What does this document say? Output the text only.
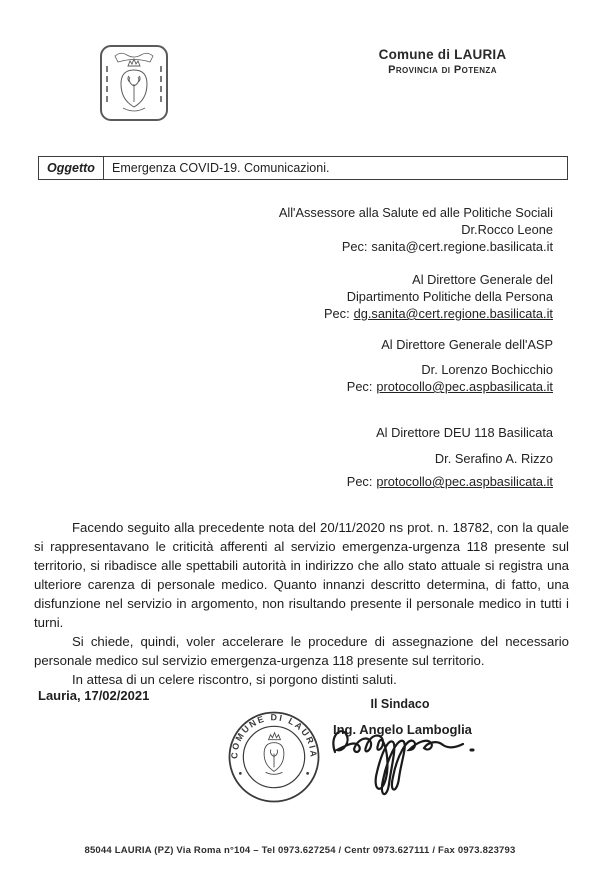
Comune di LAURIA
Provincia di Potenza
Oggetto	Emergenza COVID-19. Comunicazioni.
All'Assessore alla Salute ed alle Politiche Sociali
Dr.Rocco Leone
Pec: sanita@cert.regione.basilicata.it
Al Direttore Generale del
Dipartimento Politiche della Persona
Pec: dg.sanita@cert.regione.basilicata.it
Al Direttore Generale dell'ASP
Dr. Lorenzo Bochicchio
Pec: protocollo@pec.aspbasilicata.it
Al Direttore DEU 118 Basilicata
Dr. Serafino A. Rizzo
Pec: protocollo@pec.aspbasilicata.it

Facendo seguito alla precedente nota del 20/11/2020 ns prot. n. 18782, con la quale si rappresentavano le criticità afferenti al servizio emergenza-urgenza 118 presente sul territorio, si ribadisce alle spettabili autorità in indirizzo che allo stato attuale si registra una ulteriore carenza di personale medico. Quanto innanzi descritto determina, di fatto, una disfunzione nel servizio in argomento, non risultando presente il personale medico in tutti i turni.

Si chiede, quindi, voler accelerare le procedure di assegnazione del necessario personale medico sul servizio emergenza-urgenza 118 presente sul territorio.

In attesa di un celere riscontro, si porgono distinti saluti.

Lauria, 17/02/2021
COMUNE DI LAURIA
Il Sindaco
Ing. Angelo Lamboglia
85044 LAURIA (PZ) Via Roma n°104 – Tel 0973.627254 / Centr 0973.627111 / Fax 0973.823793
